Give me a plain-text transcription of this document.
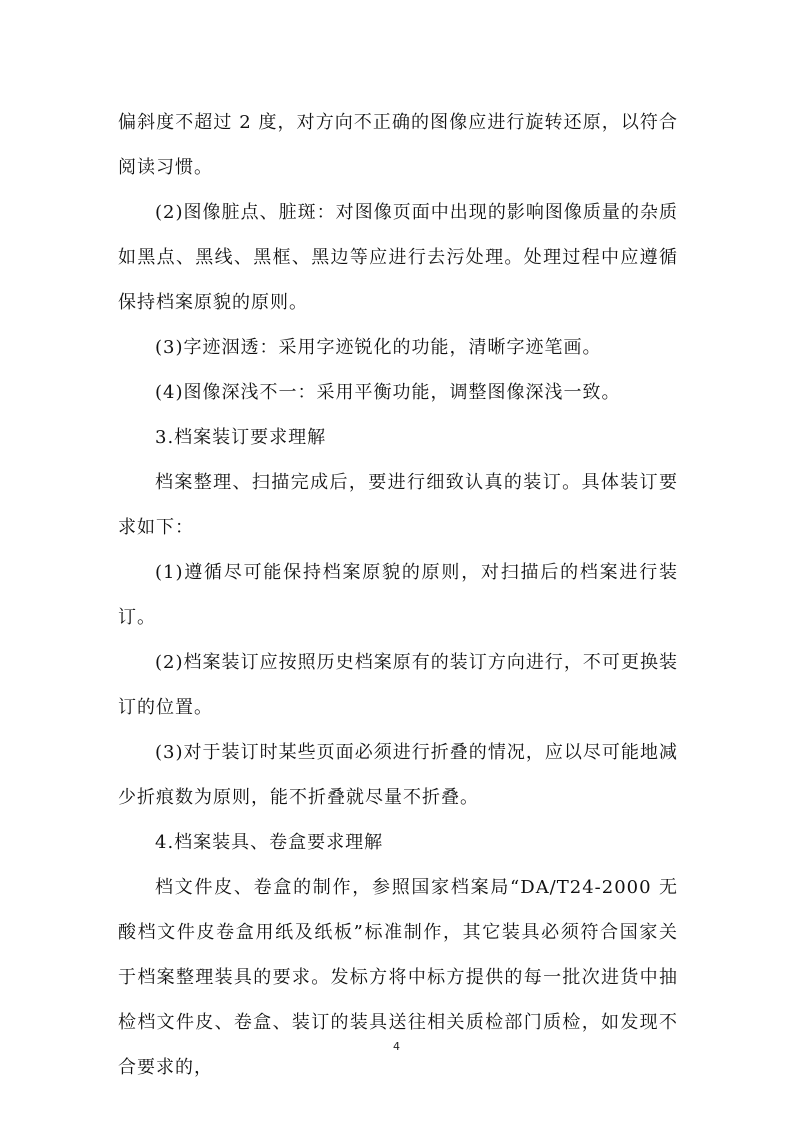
偏斜度不超过 2 度，对方向不正确的图像应进行旋转还原，以符合阅读习惯。

(2)图像脏点、脏斑：对图像页面中出现的影响图像质量的杂质如黑点、黑线、黑框、黑边等应进行去污处理。处理过程中应遵循保持档案原貌的原则。

(3)字迹洇透：采用字迹锐化的功能，清晰字迹笔画。

(4)图像深浅不一：采用平衡功能，调整图像深浅一致。

3.档案装订要求理解

档案整理、扫描完成后，要进行细致认真的装订。具体装订要求如下：

(1)遵循尽可能保持档案原貌的原则，对扫描后的档案进行装订。

(2)档案装订应按照历史档案原有的装订方向进行，不可更换装订的位置。

(3)对于装订时某些页面必须进行折叠的情况，应以尽可能地减少折痕数为原则，能不折叠就尽量不折叠。

4.档案装具、卷盒要求理解

档文件皮、卷盒的制作，参照国家档案局“DA/T24-2000 无酸档文件皮卷盒用纸及纸板”标准制作，其它装具必须符合国家关于档案整理装具的要求。发标方将中标方提供的每一批次进货中抽检档文件皮、卷盒、装订的装具送往相关质检部门质检，如发现不合要求的，

4
